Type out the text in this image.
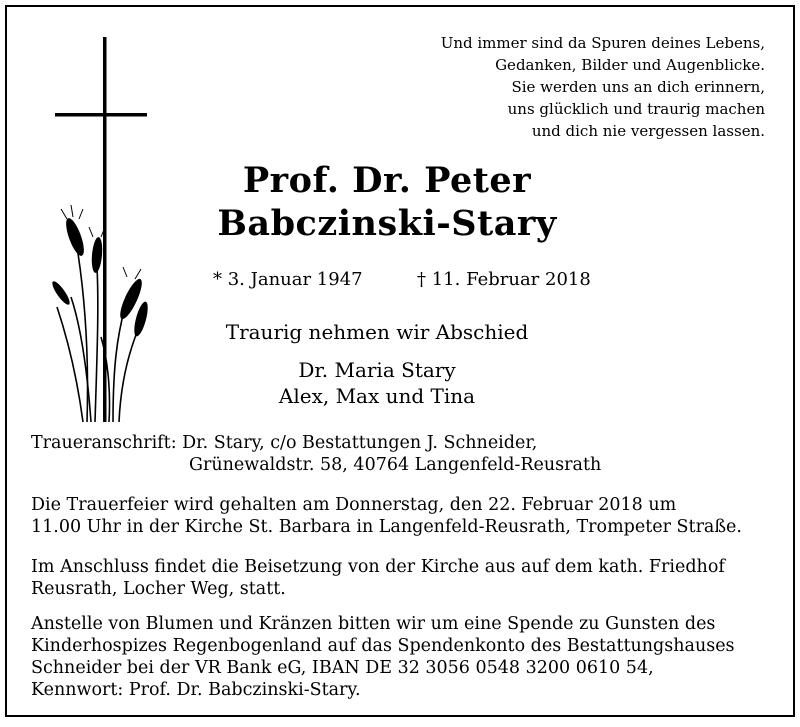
Und immer sind da Spuren deines Lebens,
Gedanken, Bilder und Augenblicke.
Sie werden uns an dich erinnern,
uns glücklich und traurig machen
und dich nie vergessen lassen.
Prof. Dr. Peter
Babczinski-Stary
* 3. Januar 1947	† 11. Februar 2018
Traurig nehmen wir Abschied
Dr. Maria Stary
Alex, Max und Tina
Traueranschrift: Dr. Stary, c/o Bestattungen J. Schneider,
Grünewaldstr. 58, 40764 Langenfeld-Reusrath
Die Trauerfeier wird gehalten am Donnerstag, den 22. Februar 2018 um
11.00 Uhr in der Kirche St. Barbara in Langenfeld-Reusrath, Trompeter Straße.
Im Anschluss findet die Beisetzung von der Kirche aus auf dem kath. Friedhof
Reusrath, Locher Weg, statt.
Anstelle von Blumen und Kränzen bitten wir um eine Spende zu Gunsten des
Kinderhospizes Regenbogenland auf das Spendenkonto des Bestattungshauses
Schneider bei der VR Bank eG, IBAN DE 32 3056 0548 3200 0610 54,
Kennwort: Prof. Dr. Babczinski-Stary.
